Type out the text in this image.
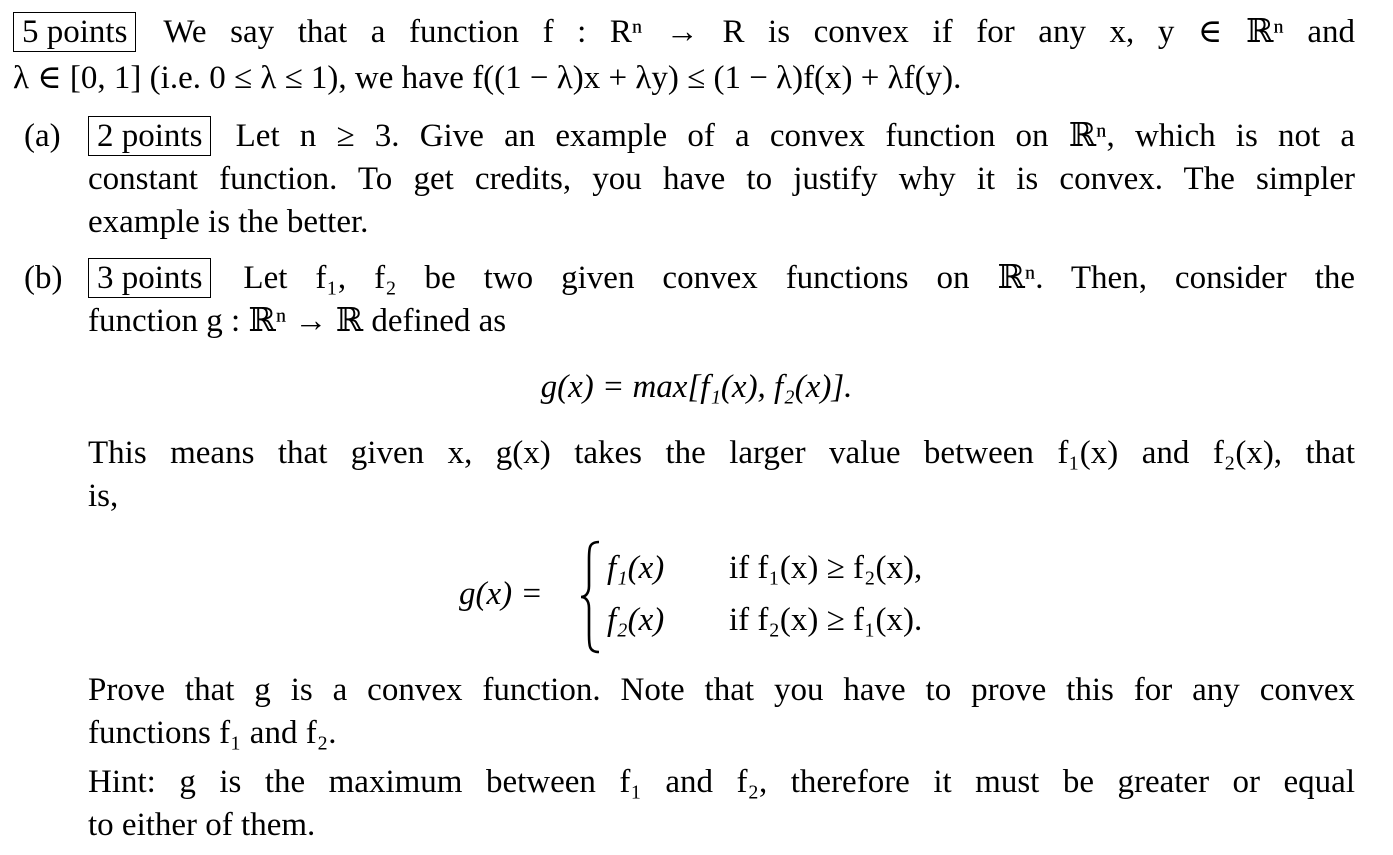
5 points We say that a function f : Rⁿ → R is convex if for any x, y ∈ ℝⁿ and
λ ∈ [0, 1] (i.e. 0 ≤ λ ≤ 1), we have f((1 − λ)x + λy) ≤ (1 − λ)f(x) + λf(y).
(a) 2 points Let n ≥ 3. Give an example of a convex function on ℝⁿ, which is not a
constant function. To get credits, you have to justify why it is convex. The simpler
example is the better.
(b) 3 points Let f₁, f₂ be two given convex functions on ℝⁿ. Then, consider the
function g : ℝⁿ → ℝ defined as
g(x) = max[f₁(x), f₂(x)].
This means that given x, g(x) takes the larger value between f₁(x) and f₂(x), that
is,
g(x) =
f₁(x) if f₁(x) ≥ f₂(x),
f₂(x) if f₂(x) ≥ f₁(x).
Prove that g is a convex function. Note that you have to prove this for any convex
functions f₁ and f₂.
Hint: g is the maximum between f₁ and f₂, therefore it must be greater or equal
to either of them.
